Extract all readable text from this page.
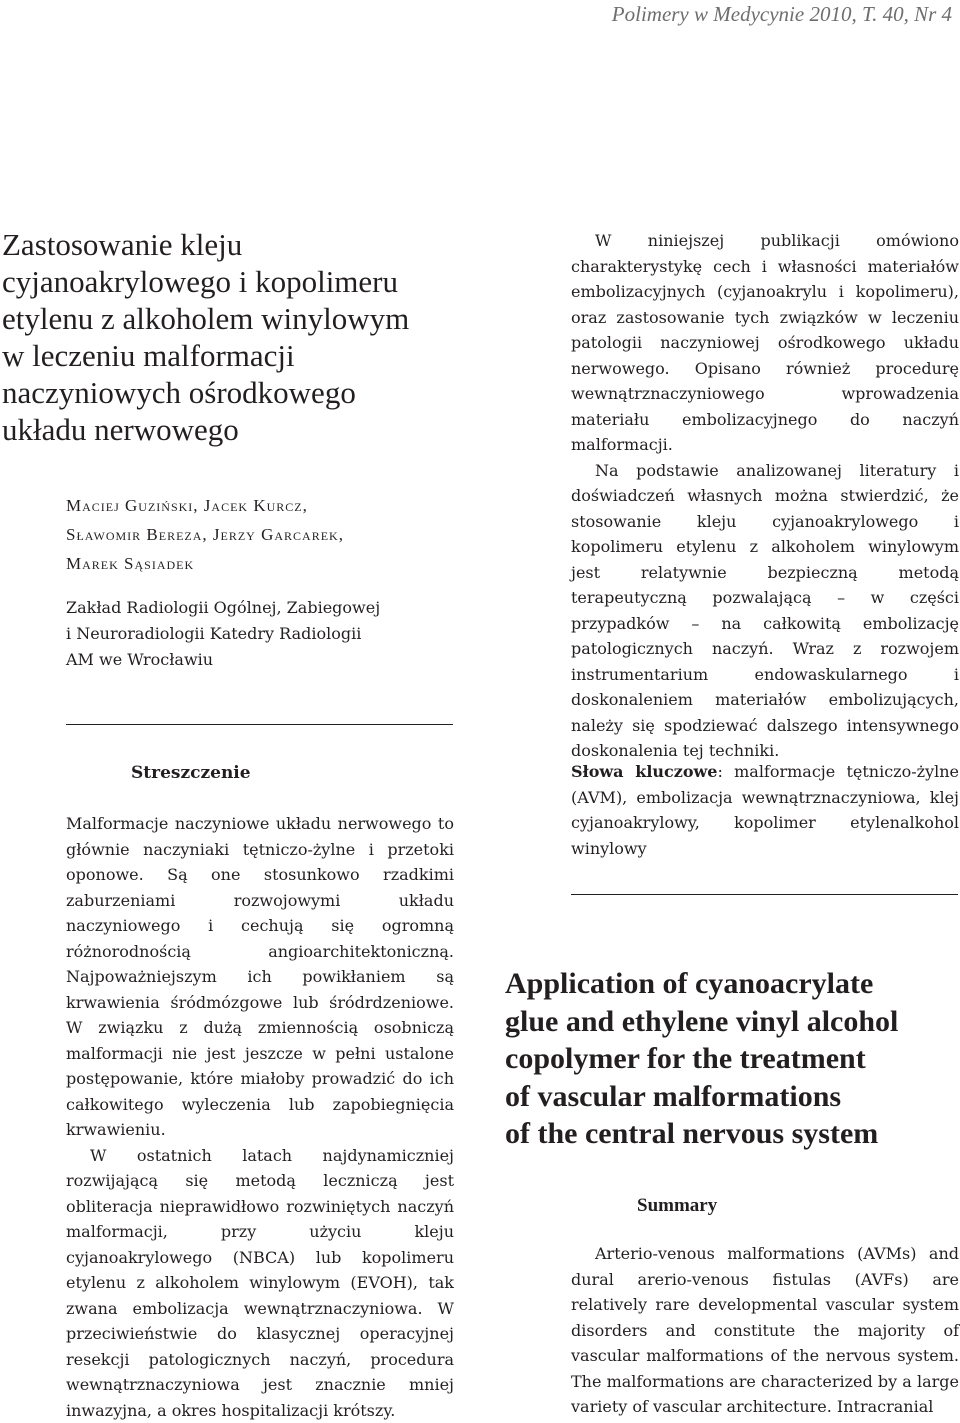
Polimery w Medycynie 2010, T. 40, Nr 4

Zastosowanie kleju
cyjanoakrylowego i kopolimeru
etylenu z alkoholem winylowym
w leczeniu malformacji
naczyniowych ośrodkowego
układu nerwowego

Maciej Guziński, Jacek Kurcz,
Sławomir Bereza, Jerzy Garcarek,
Marek Sąsiadek

Zakład Radiologii Ogólnej, Zabiegowej
i Neuroradiologii Katedry Radiologii
AM we Wrocławiu

Streszczenie

Malformacje naczyniowe układu nerwowego to głównie naczyniaki tętniczo-żylne i przetoki oponowe. Są one stosunkowo rzadkimi zaburzeniami rozwojowymi układu naczyniowego i cechują się ogromną różnorodnością angioarchitektoniczną. Najpoważniejszym ich powikłaniem są krwawienia śródmózgowe lub śródrdzeniowe. W związku z dużą zmiennością osobniczą malformacji nie jest jeszcze w pełni ustalone postępowanie, które miałoby prowadzić do ich całkowitego wyleczenia lub zapobiegnięcia krwawieniu.

W ostatnich latach najdynamiczniej rozwijającą się metodą leczniczą jest obliteracja nieprawidłowo rozwiniętych naczyń malformacji, przy użyciu kleju cyjanoakrylowego (NBCA) lub kopolimeru etylenu z alkoholem winylowym (EVOH), tak zwana embolizacja wewnątrznaczyniowa. W przeciwieństwie do klasycznej operacyjnej resekcji patologicznych naczyń, procedura wewnątrznaczyniowa jest znacznie mniej inwazyjna, a okres hospitalizacji krótszy.

W niniejszej publikacji omówiono charakterystykę cech i własności materiałów embolizacyjnych (cyjanoakrylu i kopolimeru), oraz zastosowanie tych związków w leczeniu patologii naczyniowej ośrodkowego układu nerwowego. Opisano również procedurę wewnątrznaczyniowego wprowadzenia materiału embolizacyjnego do naczyń malformacji.

Na podstawie analizowanej literatury i doświadczeń własnych można stwierdzić, że stosowanie kleju cyjanoakrylowego i kopolimeru etylenu z alkoholem winylowym jest relatywnie bezpieczną metodą terapeutyczną pozwalającą – w części przypadków – na całkowitą embolizację patologicznych naczyń. Wraz z rozwojem instrumentarium endowaskularnego i doskonaleniem materiałów embolizujących, należy się spodziewać dalszego intensywnego doskonalenia tej techniki.

Słowa kluczowe: malformacje tętniczo-żylne (AVM), embolizacja wewnątrznaczyniowa, klej cyjanoakrylowy, kopolimer etylenalkohol winylowy

Application of cyanoacrylate
glue and ethylene vinyl alcohol
copolymer for the treatment
of vascular malformations
of the central nervous system
Summary

Arterio-venous malformations (AVMs) and dural arerio-venous fistulas (AVFs) are relatively rare developmental vascular system disorders and constitute the majority of vascular malformations of the nervous system. The malformations are characterized by a large variety of vascular architecture. Intracranial
